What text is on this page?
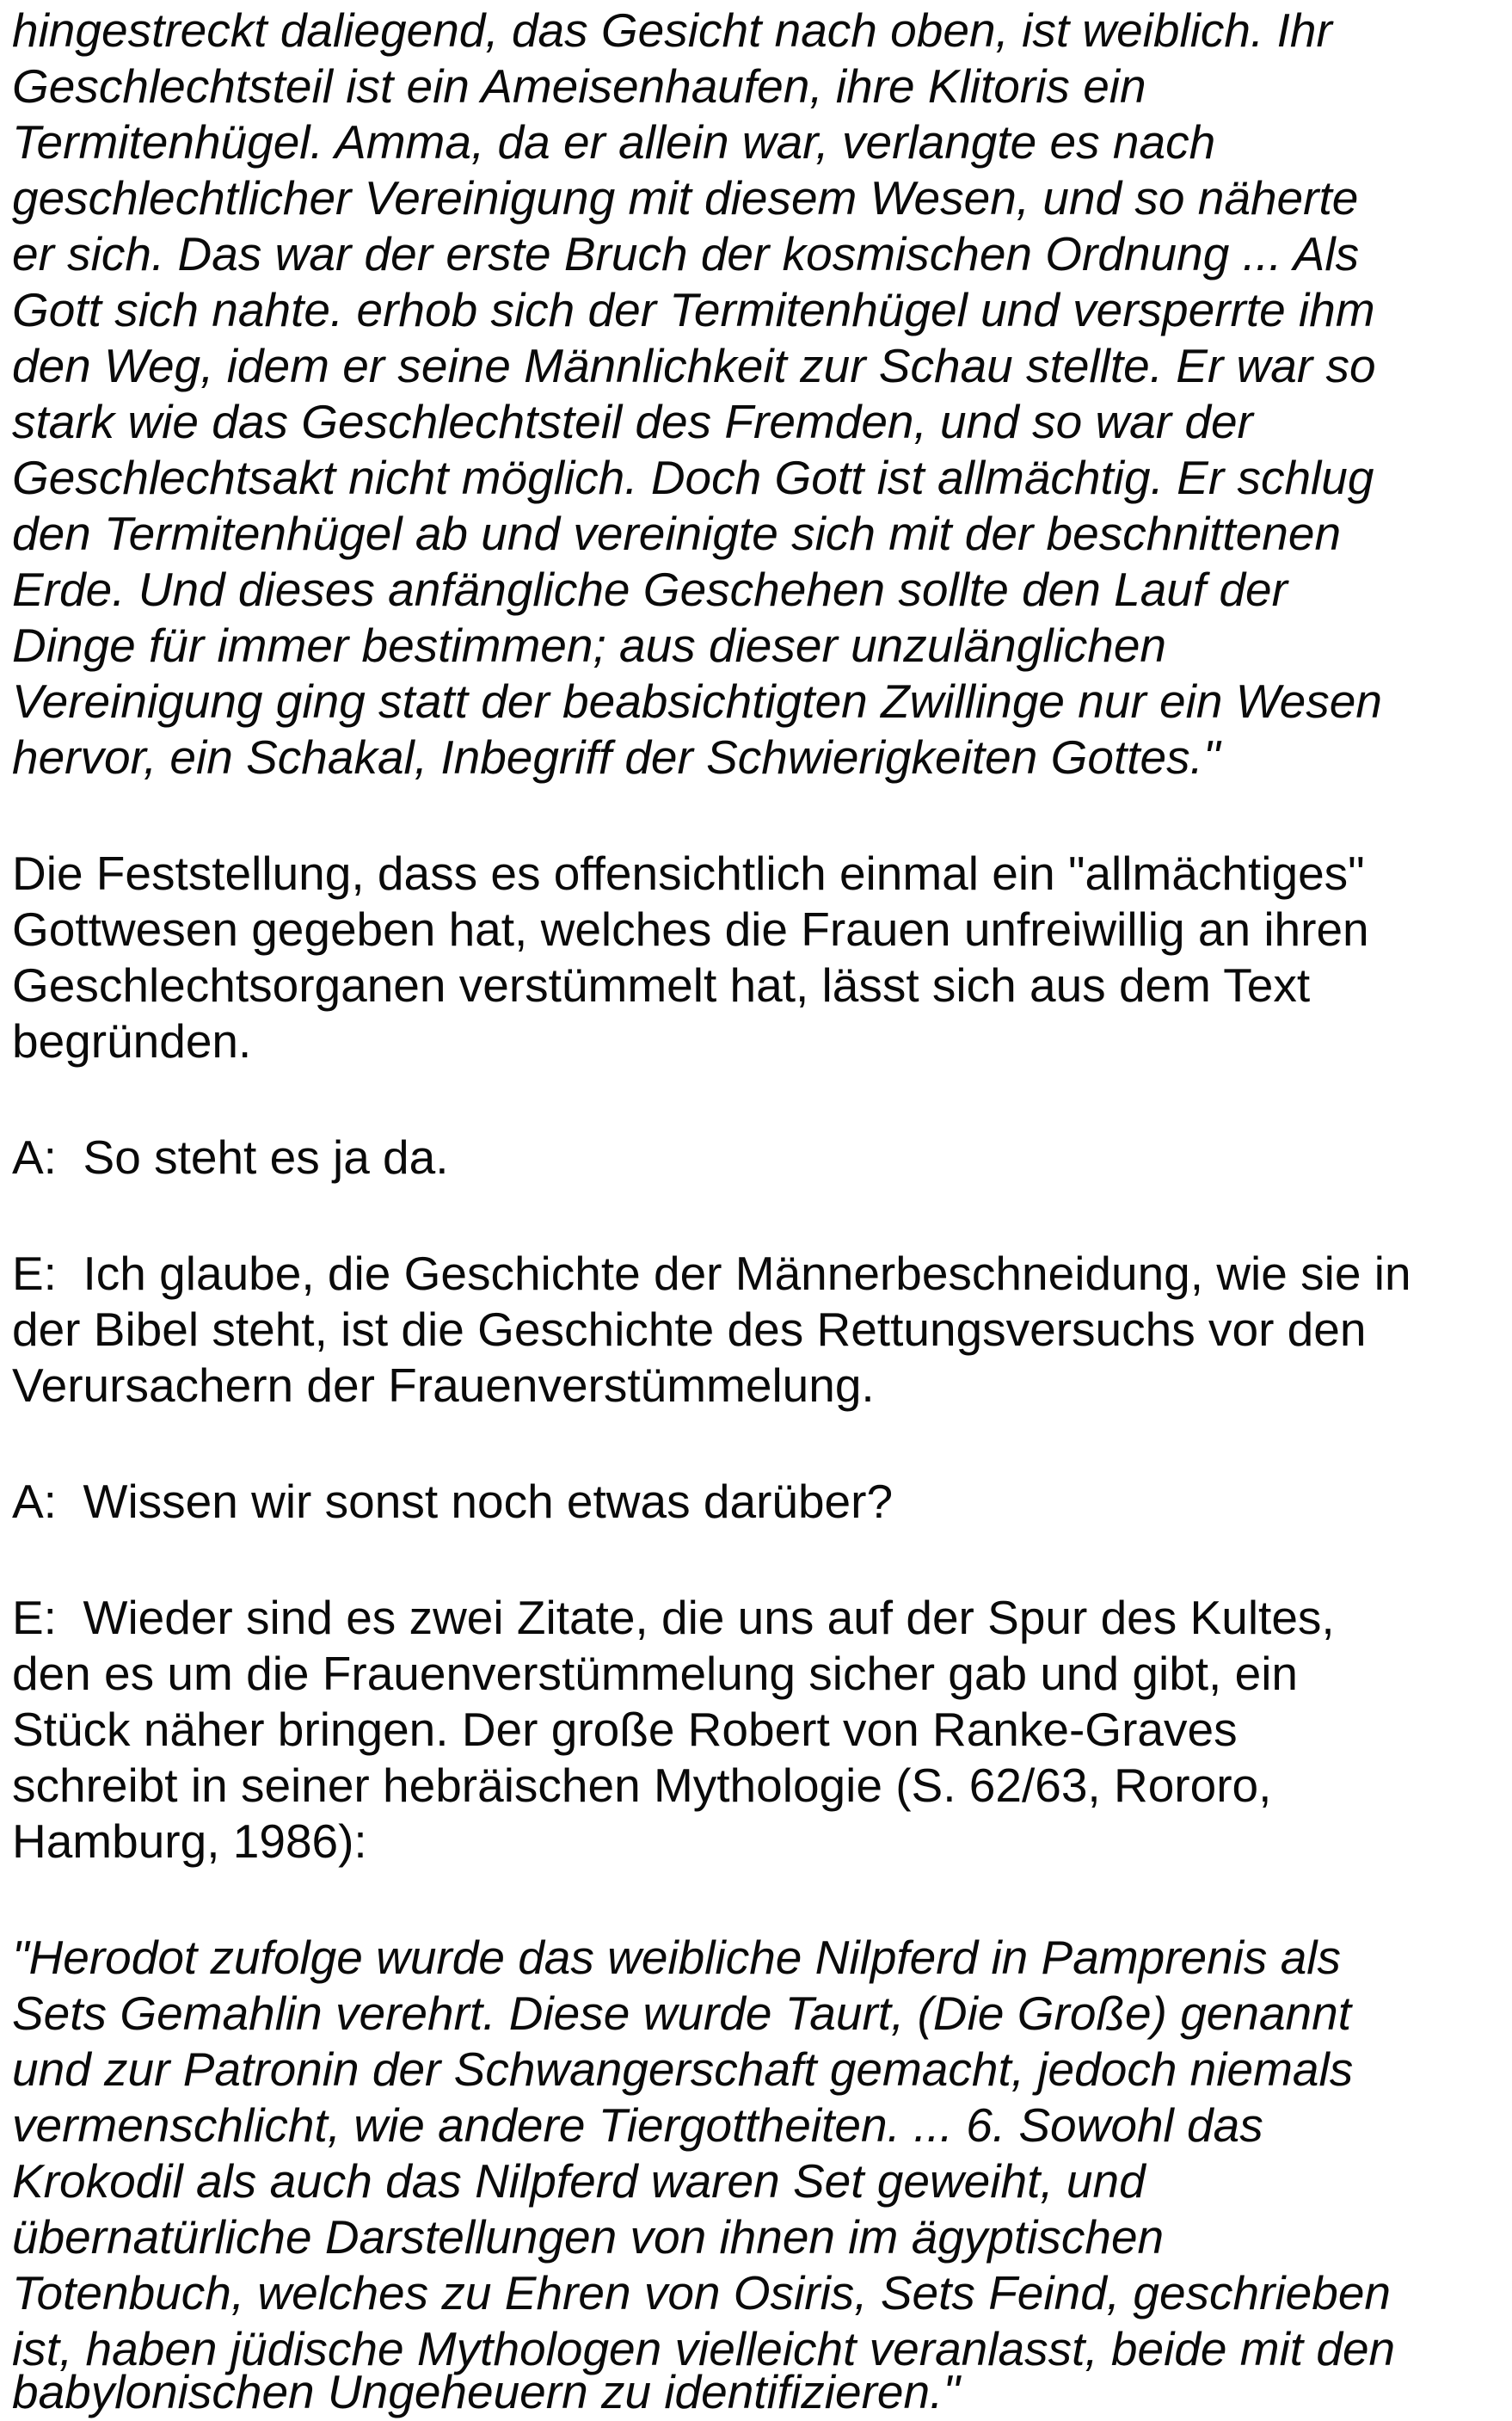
hingestreckt daliegend, das Gesicht nach oben, ist weiblich. Ihr

Geschlechtsteil ist ein Ameisenhaufen, ihre Klitoris ein

Termitenhügel. Amma, da er allein war, verlangte es nach

geschlechtlicher Vereinigung mit diesem Wesen, und so näherte

er sich. Das war der erste Bruch der kosmischen Ordnung ... Als

Gott sich nahte. erhob sich der Termitenhügel und versperrte ihm

den Weg, idem er seine Männlichkeit zur Schau stellte. Er war so

stark wie das Geschlechtsteil des Fremden, und so war der

Geschlechtsakt nicht möglich. Doch Gott ist allmächtig. Er schlug

den Termitenhügel ab und vereinigte sich mit der beschnittenen

Erde. Und dieses anfängliche Geschehen sollte den Lauf der

Dinge für immer bestimmen; aus dieser unzulänglichen

Vereinigung ging statt der beabsichtigten Zwillinge nur ein Wesen

hervor, ein Schakal, Inbegriff der Schwierigkeiten Gottes."

Die Feststellung, dass es offensichtlich einmal ein "allmächtiges"

Gottwesen gegeben hat, welches die Frauen unfreiwillig an ihren

Geschlechtsorganen verstümmelt hat, lässt sich aus dem Text

begründen.

A:  So steht es ja da.

E:  Ich glaube, die Geschichte der Männerbeschneidung, wie sie in

der Bibel steht, ist die Geschichte des Rettungsversuchs vor den

Verursachern der Frauenverstümmelung.

A:  Wissen wir sonst noch etwas darüber?

E:  Wieder sind es zwei Zitate, die uns auf der Spur des Kultes,

den es um die Frauenverstümmelung sicher gab und gibt, ein

Stück näher bringen. Der große Robert von Ranke-Graves

schreibt in seiner hebräischen Mythologie (S. 62/63, Rororo,

Hamburg, 1986):

"Herodot zufolge wurde das weibliche Nilpferd in Pamprenis als

Sets Gemahlin verehrt. Diese wurde Taurt, (Die Große) genannt

und zur Patronin der Schwangerschaft gemacht, jedoch niemals

vermenschlicht, wie andere Tiergottheiten. ... 6. Sowohl das

Krokodil als auch das Nilpferd waren Set geweiht, und

übernatürliche Darstellungen von ihnen im ägyptischen

Totenbuch, welches zu Ehren von Osiris, Sets Feind, geschrieben

ist, haben jüdische Mythologen vielleicht veranlasst, beide mit den

babylonischen Ungeheuern zu identifizieren."
